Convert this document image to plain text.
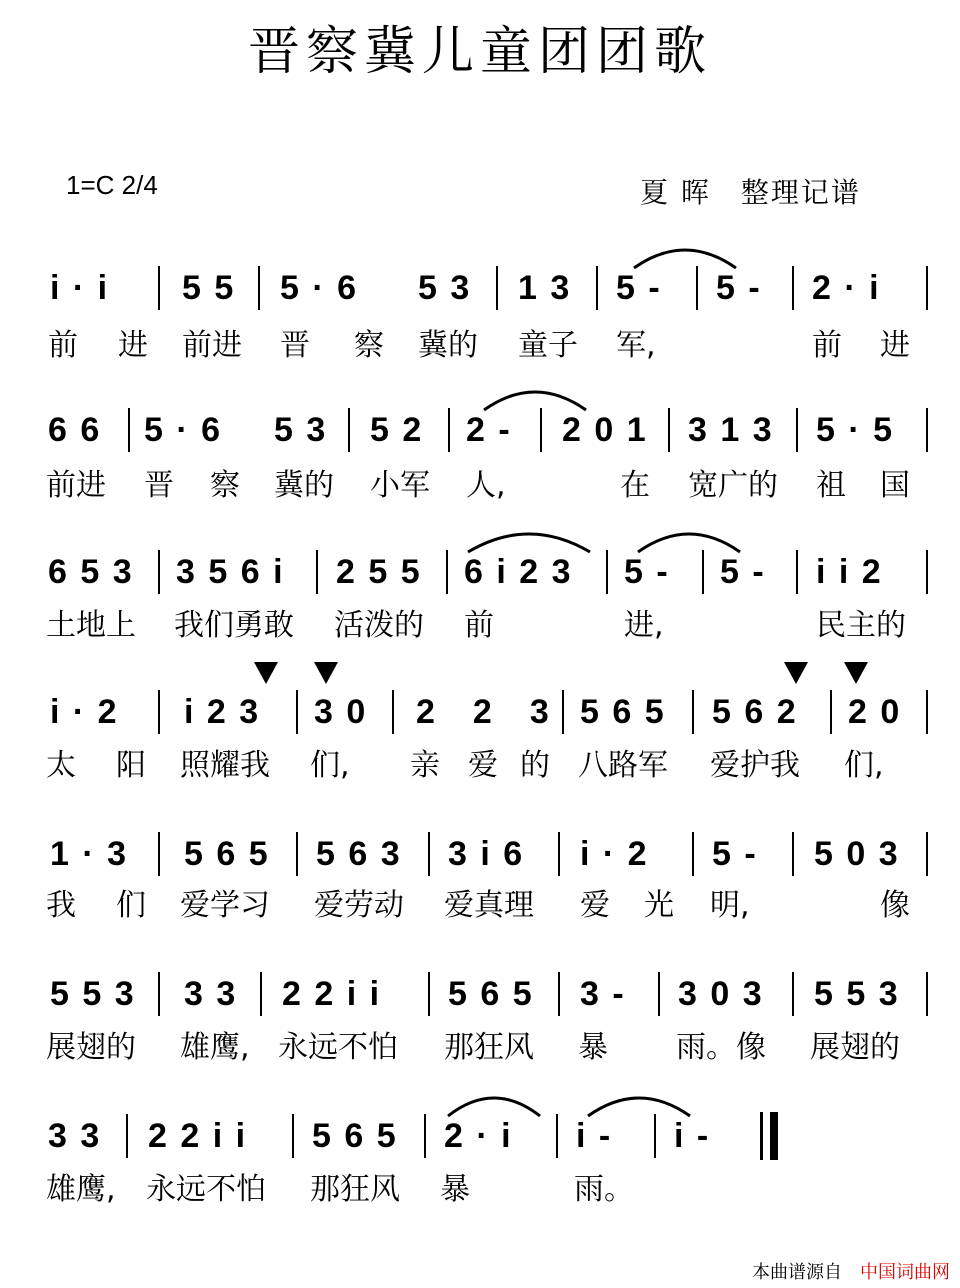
晋察冀儿童团团歌
1=C 2/4	夏 晖　整理记谱
i · i 5 5 5 · 6 5 3 1 3 5 - 5 - 2 · i
前 进 前进 晋 察 冀的 童子 军,	前 进
6 6 5 · 6 5 3 5 2 2 - 2 0 1 3 1 3 5 · 5
前进 晋 察 冀的 小军 人,	在 宽广的 祖 国
6 5 3 3 5 6 i 2 5 5 6 i 2 3 5 - 5 - i i 2
土地上 我们勇敢 活泼的 前	进,	民主的
i · 2 i 2 3 3 0 2　2　3 5 6 5 5 6 2 2 0
太 阳 照耀我 们, 亲 爱 的 八路军 爱护我 们,
1 · 3 5 6 5 5 6 3 3 i 6 i · 2 5 - 5 0 3
我 们 爱学习 爱劳动 爱真理 爱 光 明,	像
5 5 3 3 3 2 2 i i 5 6 5 3 - 3 0 3 5 5 3
展翅的 雄鹰, 永远不怕 那狂风 暴 雨。像 展翅的
3 3 2 2 i i 5 6 5 2 · i i - i -
雄鹰, 永远不怕 那狂风 暴	雨。
本曲谱源自 中国词曲网
